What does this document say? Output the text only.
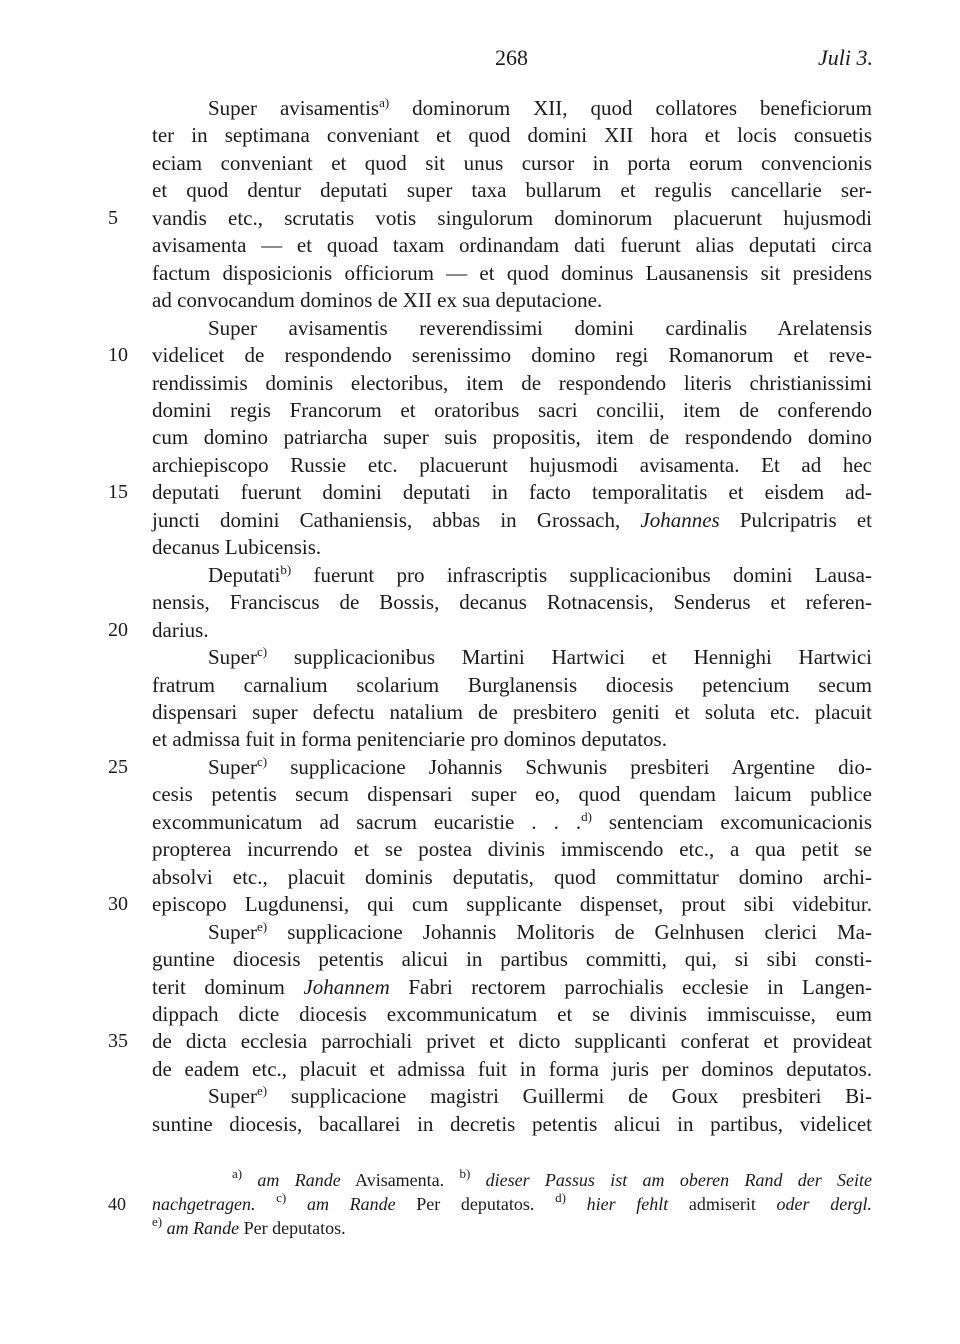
268	Juli 3.
Super avisamentis$^{a)}$ dominorum XII, quod collatores beneficiorum
ter in septimana conveniant et quod domini XII hora et locis consuetis
eciam conveniant et quod sit unus cursor in porta eorum convencionis
et quod dentur deputati super taxa bullarum et regulis cancellarie ser-
5	vandis etc., scrutatis votis singulorum dominorum placuerunt hujusmodi
avisamenta — et quoad taxam ordinandam dati fuerunt alias deputati circa
factum disposicionis officiorum — et quod dominus Lausanensis sit presidens
ad convocandum dominos de XII ex sua deputacione.
Super avisamentis reverendissimi domini cardinalis Arelatensis
10	videlicet de respondendo serenissimo domino regi Romanorum et reve-
rendissimis dominis electoribus, item de respondendo literis christianissimi
domini regis Francorum et oratoribus sacri concilii, item de conferendo
cum domino patriarcha super suis propositis, item de respondendo domino
archiepiscopo Russie etc. placuerunt hujusmodi avisamenta. Et ad hec
15	deputati fuerunt domini deputati in facto temporalitatis et eisdem ad-
juncti domini Cathaniensis, abbas in Grossach, Johannes Pulcripatris et
decanus Lubicensis.
Deputati$^{b)}$ fuerunt pro infrascriptis supplicacionibus domini Lausa-
nensis, Franciscus de Bossis, decanus Rotnacensis, Senderus et referen-
20	darius.
Super$^{c)}$ supplicacionibus Martini Hartwici et Hennighi Hartwici
fratrum carnalium scolarium Burglanensis diocesis petencium secum
dispensari super defectu natalium de presbitero geniti et soluta etc. placuit
et admissa fuit in forma penitenciarie pro dominos deputatos.
25	Super$^{c)}$ supplicacione Johannis Schwunis presbiteri Argentine dio-
cesis petentis secum dispensari super eo, quod quendam laicum publice
excommunicatum ad sacrum eucaristie . . .$^{d)}$ sentenciam excomunicacionis
propterea incurrendo et se postea divinis immiscendo etc., a qua petit se
absolvi etc., placuit dominis deputatis, quod committatur domino archi-
30	episcopo Lugdunensi, qui cum supplicante dispenset, prout sibi videbitur.
Super$^{e)}$ supplicacione Johannis Molitoris de Gelnhusen clerici Ma-
guntine diocesis petentis alicui in partibus committi, qui, si sibi consti-
terit dominum Johannem Fabri rectorem parrochialis ecclesie in Langen-
dippach dicte diocesis excommunicatum et se divinis immiscuisse, eum
35	de dicta ecclesia parrochiali privet et dicto supplicanti conferat et provideat
de eadem etc., placuit et admissa fuit in forma juris per dominos deputatos.
Super$^{e)}$ supplicacione magistri Guillermi de Goux presbiteri Bi-
suntine diocesis, bacallarei in decretis petentis alicui in partibus, videlicet
$^{a)}$ am Rande Avisamenta. $^{b)}$ dieser Passus ist am oberen Rand der Seite
40	nachgetragen. $^{c)}$ am Rande Per deputatos. $^{d)}$ hier fehlt admiserit oder dergl.
$^{e)}$ am Rande Per deputatos.
